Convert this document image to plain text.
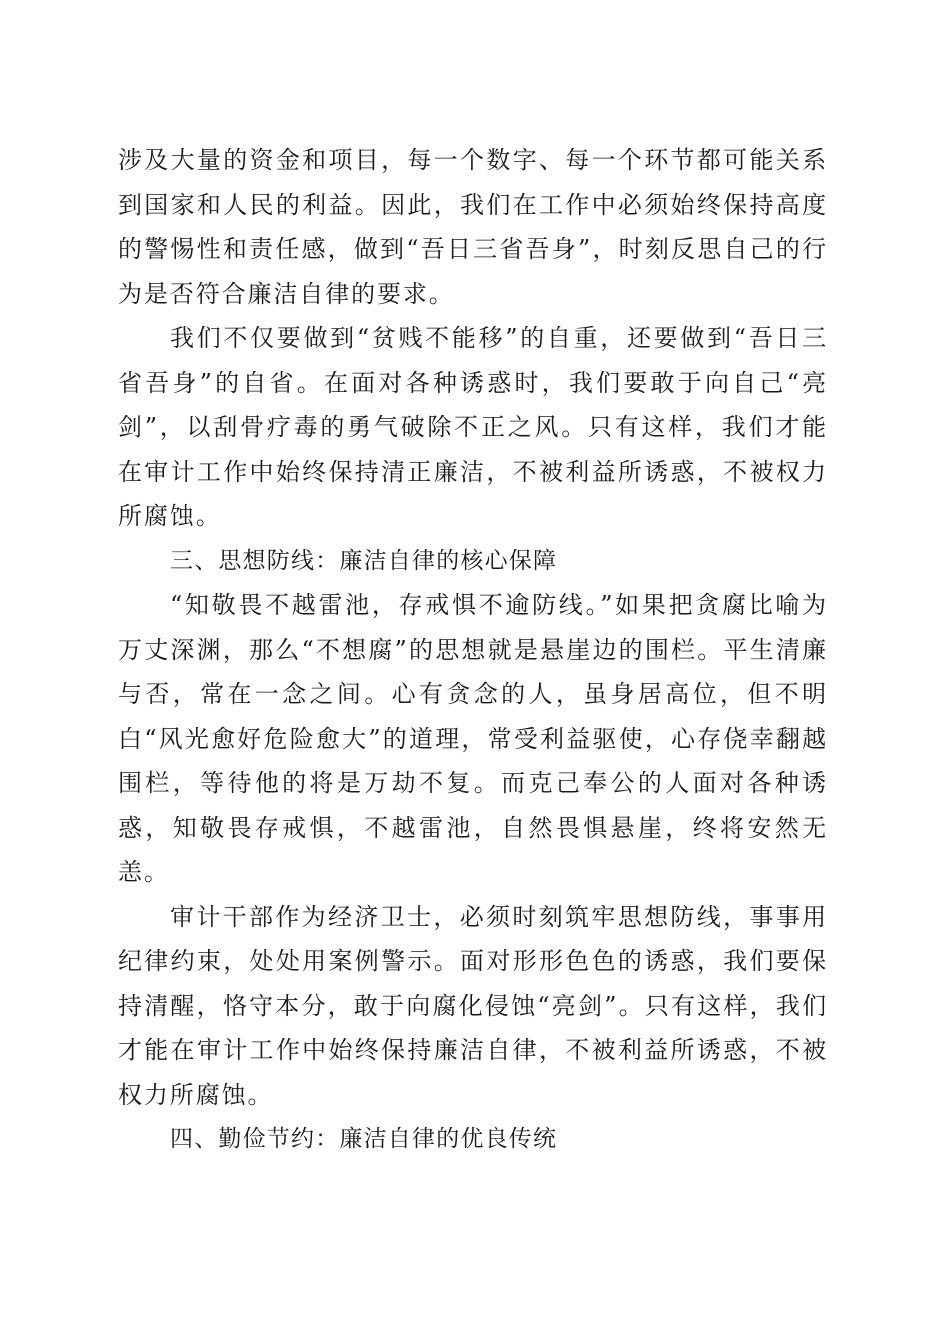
涉及大量的资金和项目，每一个数字、每一个环节都可能关系到国家和人民的利益。因此，我们在工作中必须始终保持高度的警惕性和责任感，做到“吾日三省吾身”，时刻反思自己的行为是否符合廉洁自律的要求。

我们不仅要做到“贫贱不能移”的自重，还要做到“吾日三省吾身”的自省。在面对各种诱惑时，我们要敢于向自己“亮剑”，以刮骨疗毒的勇气破除不正之风。只有这样，我们才能在审计工作中始终保持清正廉洁，不被利益所诱惑，不被权力所腐蚀。

三、思想防线：廉洁自律的核心保障

“知敬畏不越雷池，存戒惧不逾防线。”如果把贪腐比喻为万丈深渊，那么“不想腐”的思想就是悬崖边的围栏。平生清廉与否，常在一念之间。心有贪念的人，虽身居高位，但不明白“风光愈好危险愈大”的道理，常受利益驱使，心存侥幸翻越围栏，等待他的将是万劫不复。而克己奉公的人面对各种诱惑，知敬畏存戒惧，不越雷池，自然畏惧悬崖，终将安然无恙。

审计干部作为经济卫士，必须时刻筑牢思想防线，事事用纪律约束，处处用案例警示。面对形形色色的诱惑，我们要保持清醒，恪守本分，敢于向腐化侵蚀“亮剑”。只有这样，我们才能在审计工作中始终保持廉洁自律，不被利益所诱惑，不被权力所腐蚀。

四、勤俭节约：廉洁自律的优良传统
